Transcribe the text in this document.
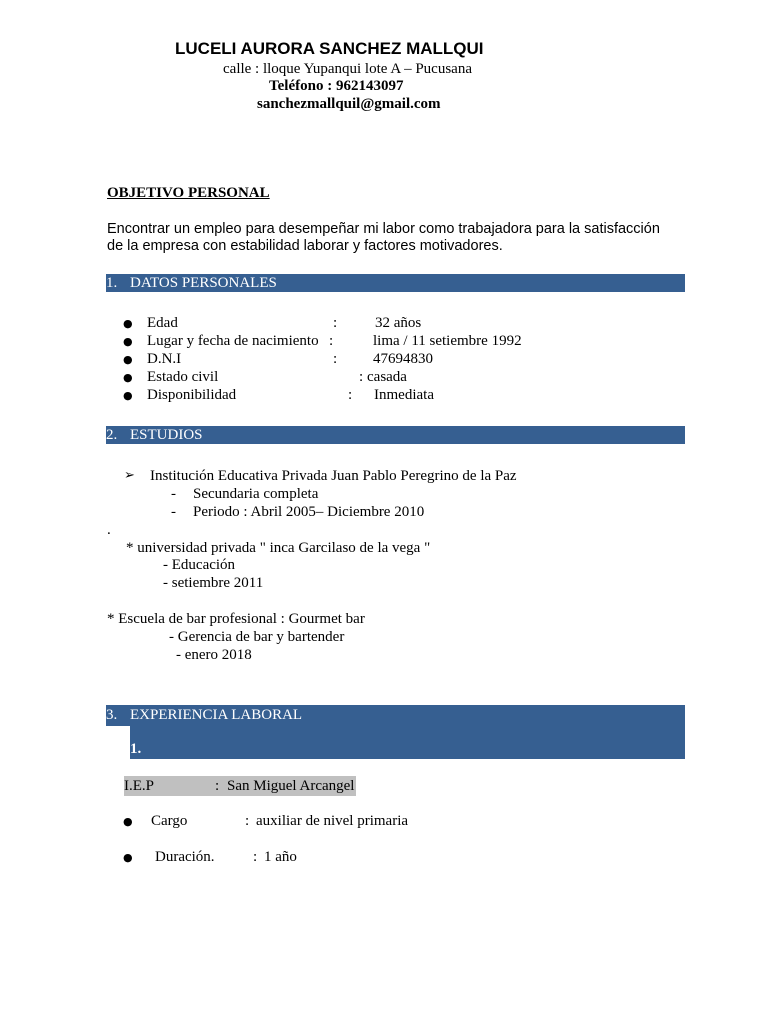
LUCELI AURORA SANCHEZ MALLQUI
calle : lloque Yupanqui lote A – Pucusana
Teléfono : 962143097
sanchezmallquil@gmail.com
OBJETIVO PERSONAL
Encontrar un empleo para desempeñar mi labor como trabajadora para la satisfacción
de la empresa con estabilidad laborar y factores motivadores.
1. DATOS PERSONALES
● Edad	:	32 años
● Lugar y fecha de nacimiento :	lima / 11 setiembre 1992
● D.N.I	: 47694830
● Estado civil	: casada
● Disponibilidad	: Inmediata
2. ESTUDIOS
➢ Institución Educativa Privada Juan Pablo Peregrino de la Paz
- Secundaria completa
- Periodo : Abril 2005– Diciembre 2010
.
* universidad privada " inca Garcilaso de la vega "
- Educación
- setiembre 2011
* Escuela de bar profesional : Gourmet bar
- Gerencia de bar y bartender
- enero 2018
3. EXPERIENCIA LABORAL
1.
I.E.P	: San Miguel Arcangel
● Cargo	: auxiliar de nivel primaria
● Duración.	: 1 año
